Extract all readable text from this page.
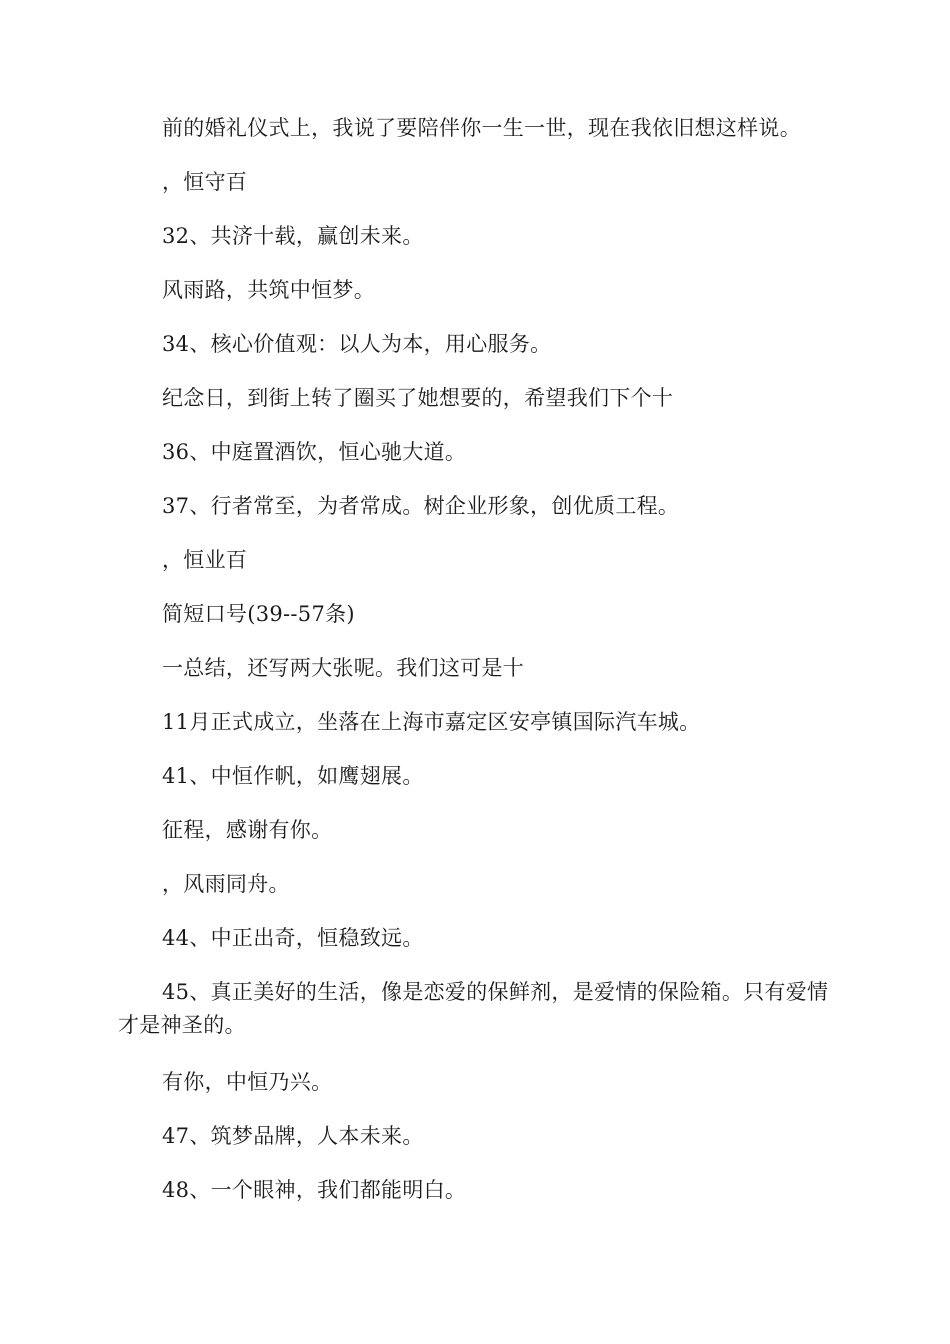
前的婚礼仪式上，我说了要陪伴你一生一世，现在我依旧想这样说。

，恒守百

32、共济十载，赢创未来。

风雨路，共筑中恒梦。

34、核心价值观：以人为本，用心服务。

纪念日，到街上转了圈买了她想要的，希望我们下个十

36、中庭置酒饮，恒心驰大道。

37、行者常至，为者常成。树企业形象，创优质工程。

，恒业百

简短口号(39--57条)

一总结，还写两大张呢。我们这可是十

11月正式成立，坐落在上海市嘉定区安亭镇国际汽车城。

41、中恒作帆，如鹰翅展。

征程，感谢有你。

，风雨同舟。

44、中正出奇，恒稳致远。

45、真正美好的生活，像是恋爱的保鲜剂，是爱情的保险箱。只有爱情才是神圣的。

有你，中恒乃兴。

47、筑梦品牌，人本未来。

48、一个眼神，我们都能明白。
